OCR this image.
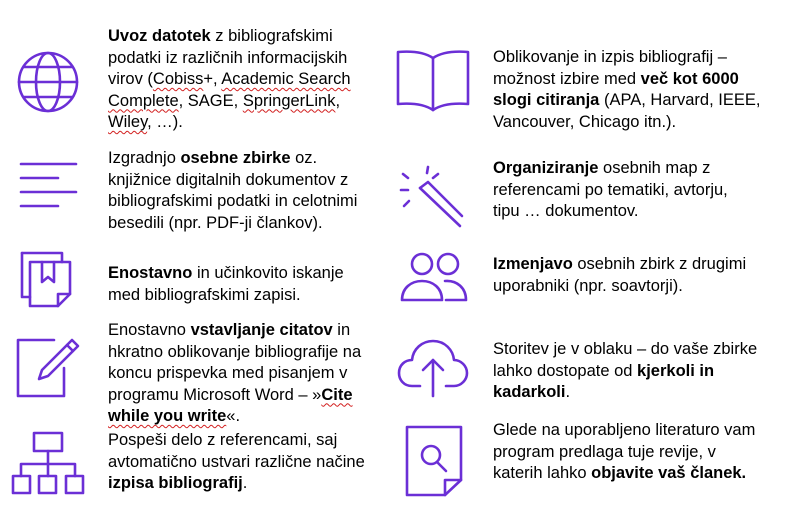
Uvoz datotek z bibliografskimi podatki iz različnih informacijskih virov (Cobiss+, Academic Search Complete, SAGE, SpringerLink, Wiley, …).
Izgradnjo osebne zbirke oz. knjižnice digitalnih dokumentov z bibliografskimi podatki in celotnimi besedili (npr. PDF-ji člankov).
Enostavno in učinkovito iskanje med bibliografskimi zapisi.
Enostavno vstavljanje citatov in hkratno oblikovanje bibliografije na koncu prispevka med pisanjem v programu Microsoft Word – »Cite while you write«.
Pospeši delo z referencami, saj avtomatično ustvari različne načine izpisa bibliografij.
Oblikovanje in izpis bibliografij – možnost izbire med več kot 6000 slogi citiranja (APA, Harvard, IEEE, Vancouver, Chicago itn.).
Organiziranje osebnih map z referencami po tematiki, avtorju, tipu … dokumentov.
Izmenjavo osebnih zbirk z drugimi uporabniki (npr. soavtorji).
Storitev je v oblaku – do vaše zbirke lahko dostopate od kjerkoli in kadarkoli.
Glede na uporabljeno literaturo vam program predlaga tuje revije, v katerih lahko objavite vaš članek.
